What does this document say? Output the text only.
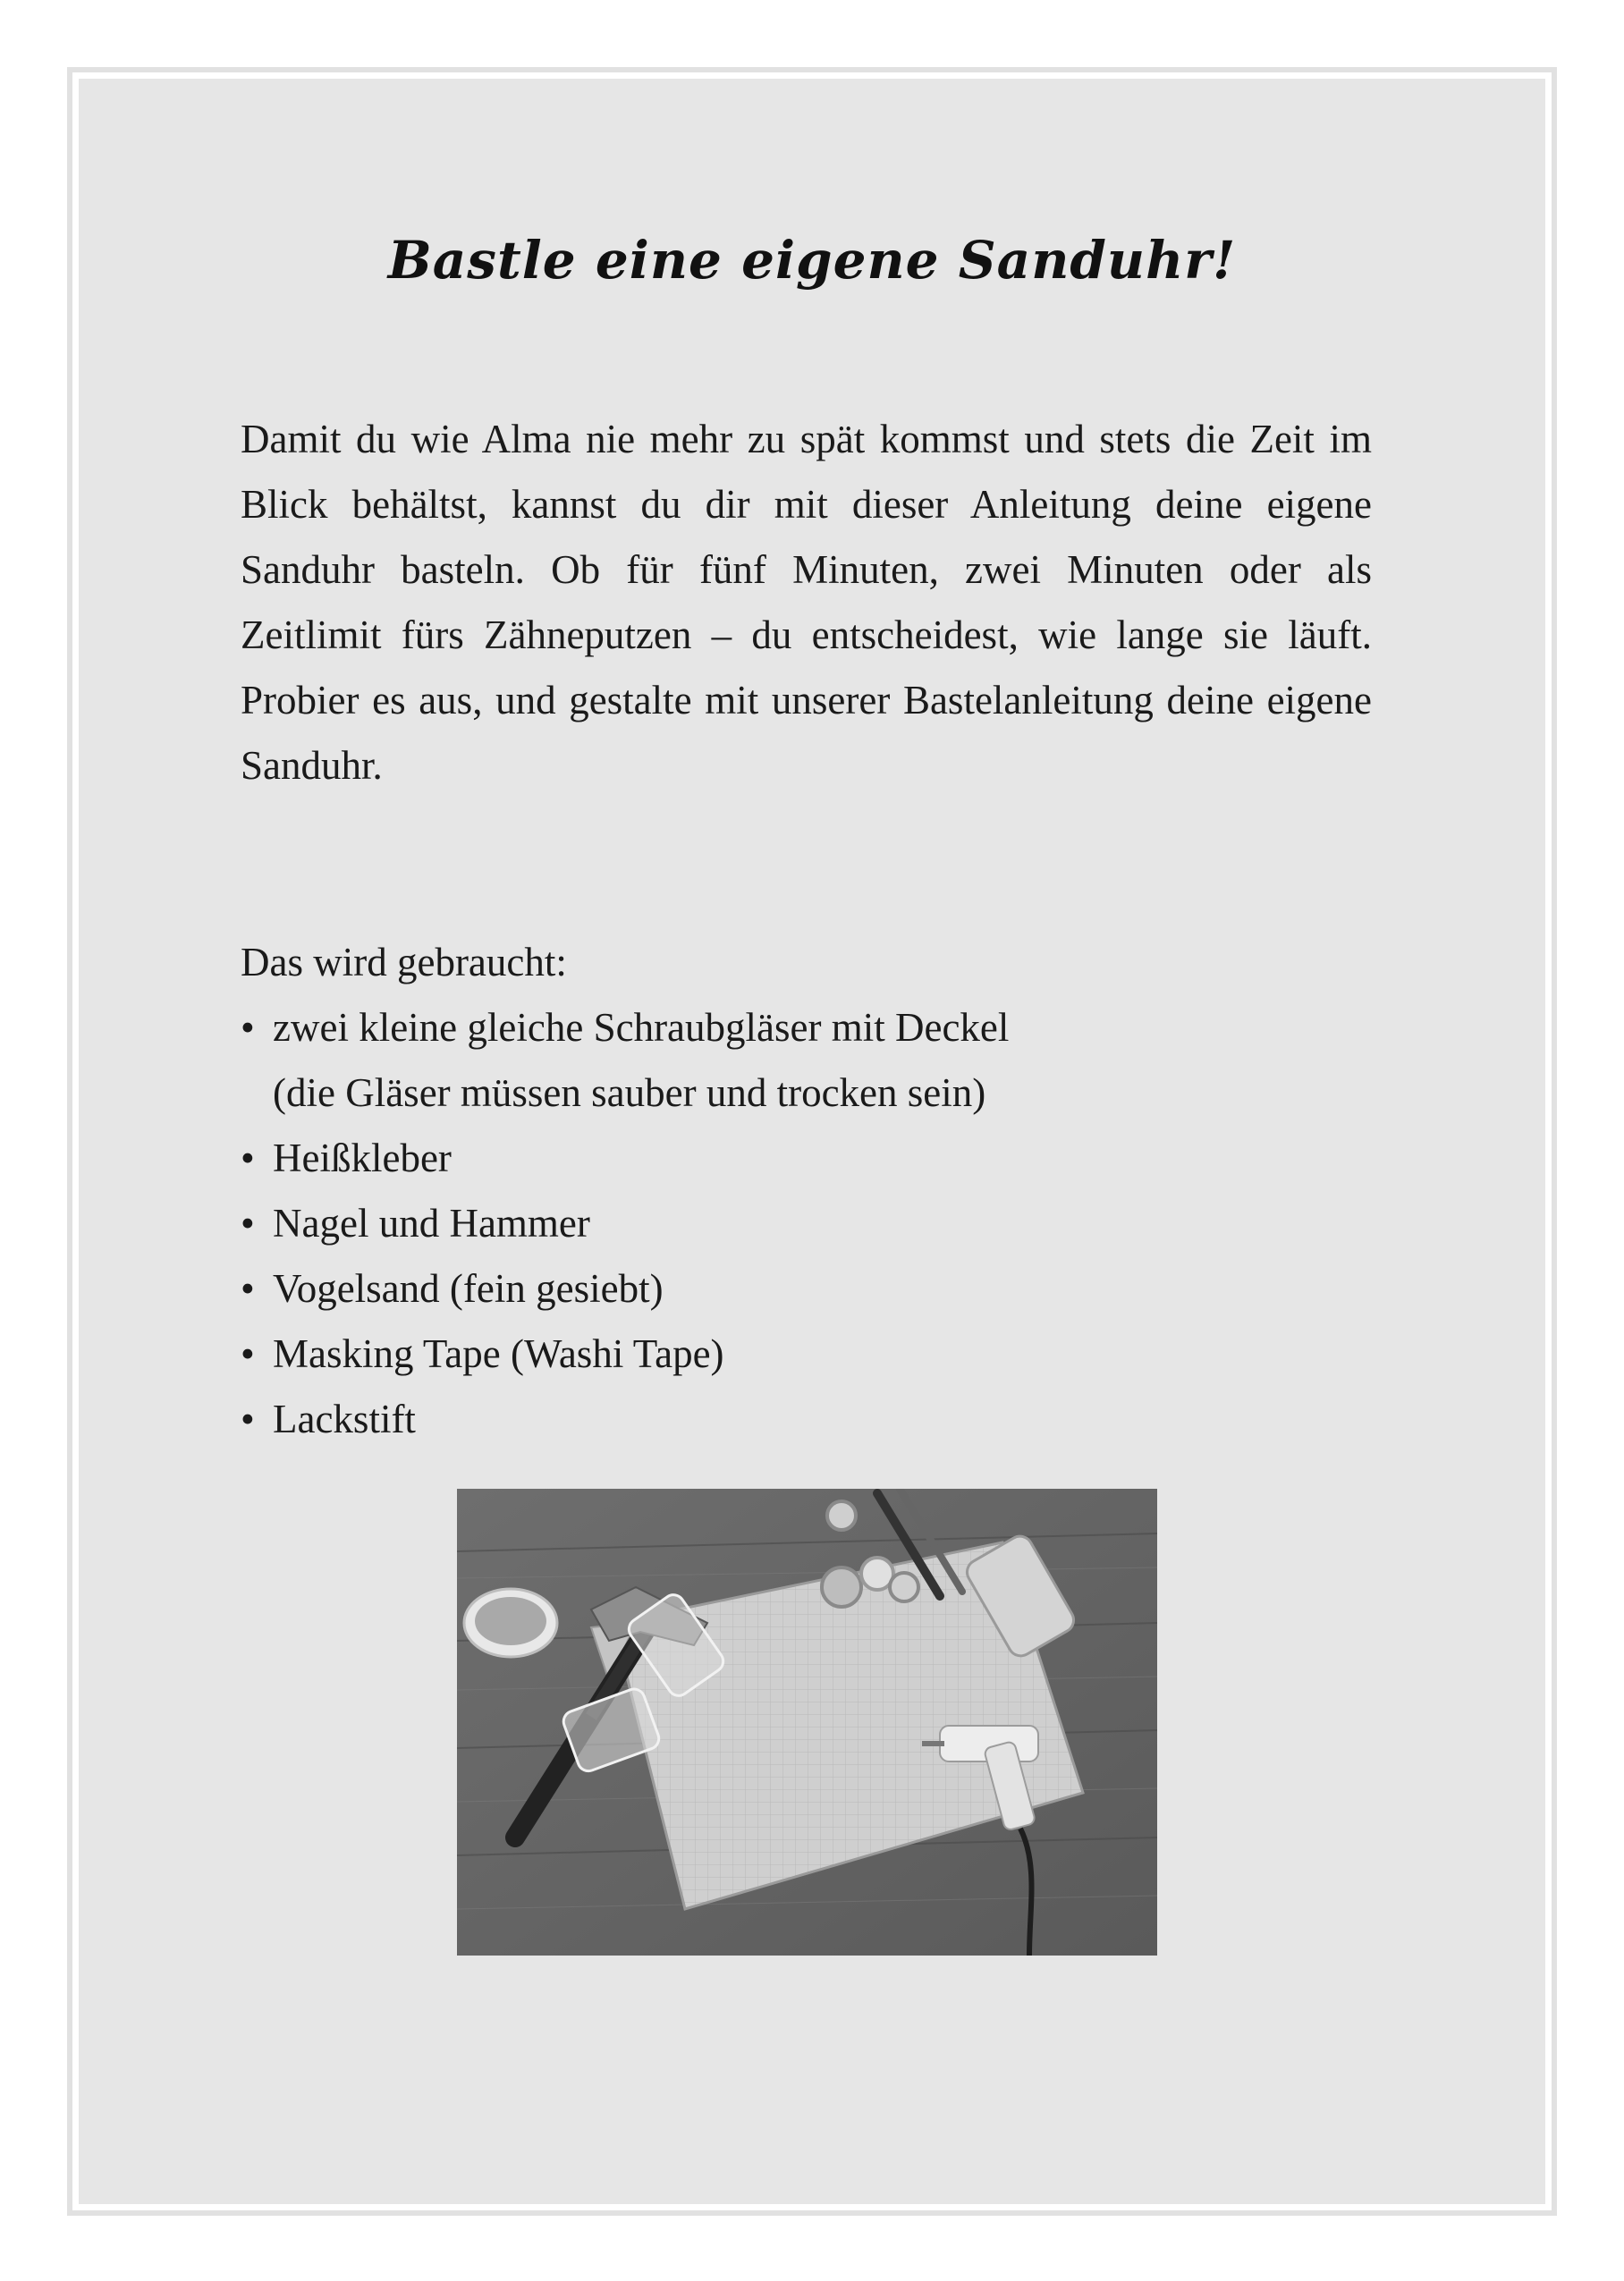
Bastle eine eigene Sanduhr!

Damit du wie Alma nie mehr zu spät kommst und stets die Zeit im Blick behältst, kannst du dir mit dieser Anleitung deine eigene Sanduhr basteln. Ob für fünf Minuten, zwei Minuten oder als Zeitlimit fürs Zähneputzen – du entscheidest, wie lange sie läuft. Probier es aus, und gestalte mit unserer Bastelanleitung deine eigene Sanduhr.

Das wird gebraucht:
• zwei kleine gleiche Schraubgläser mit Deckel
(die Gläser müssen sauber und trocken sein)
• Heißkleber
• Nagel und Hammer
• Vogelsand (fein gesiebt)
• Masking Tape (Washi Tape)
• Lackstift
